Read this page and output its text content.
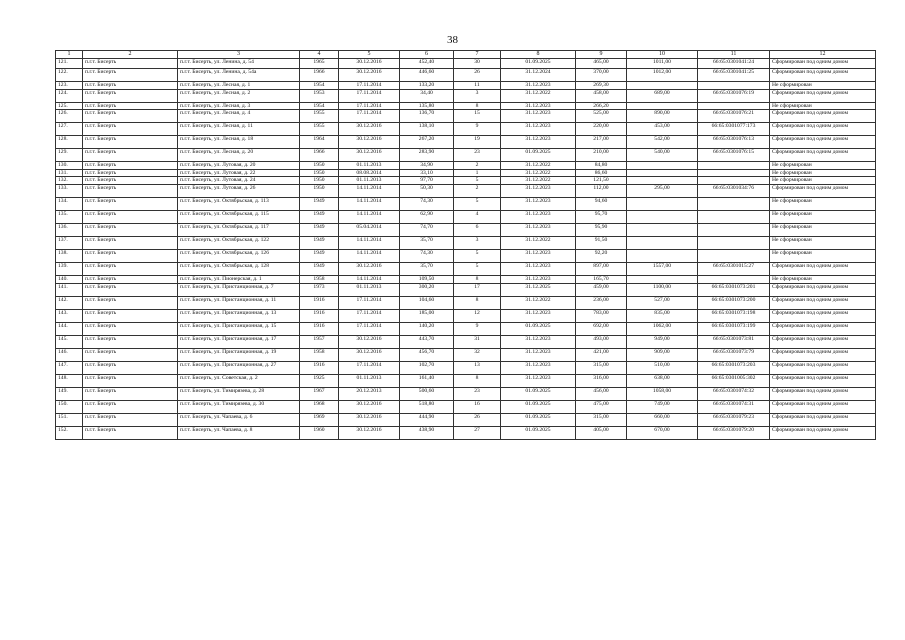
38
1	2	3	4	5	6	7	8	9	10	11	12
121.	п.г.т. Бисерть	п.г.т. Бисерть, ул. Ленина, д. 54	1965	30.12.2016	452,40	30	01.09.2025	465,00	1011,00	66:65:0301041:24	Сформирован под одним домом
122.	п.г.т. Бисерть	п.г.т. Бисерть, ул. Ленина, д. 54а	1966	30.12.2016	446,60	26	31.12.2024	370,00	1012,00	66:65:0301041:25	Сформирован под одним домом
123.	п.г.т. Бисерть	п.г.т. Бисерть, ул. Лесная, д. 1	1954	17.11.2014	133,20	11	31.12.2023	269,30			Не сформирован
124.	п.г.т. Бисерть	п.г.т. Бисерть, ул. Лесная, д. 2	1953	17.11.2014	34,40	3	31.12.2022	458,00	689,00	66:65:0301076:19	Сформирован под одним домом
125.	п.г.т. Бисерть	п.г.т. Бисерть, ул. Лесная, д. 3	1954	17.11.2014	135,80	8	31.12.2023	266,20			Не сформирован
126.	п.г.т. Бисерть	п.г.т. Бисерть, ул. Лесная, д. 4	1955	17.11.2014	136,70	15	31.12.2023	525,00	890,00	66:65:0301076:21	Сформирован под одним домом
127.	п.г.т. Бисерть	п.г.т. Бисерть, ул. Лесная, д. 11	1955	30.12.2016	138,10	9	31.12.2023	220,00	453,00	66:65:0301077:173	Сформирован под одним домом
128.	п.г.т. Бисерть	п.г.т. Бисерть, ул. Лесная, д. 18	1964	30.12.2016	267,20	19	31.12.2023	217,00	542,00	66:65:0301076:13	Сформирован под одним домом
129.	п.г.т. Бисерть	п.г.т. Бисерть, ул. Лесная, д. 20	1966	30.12.2016	283,90	23	01.09.2025	210,00	540,00	66:65:0301076:15	Сформирован под одним домом
130.	п.г.т. Бисерть	п.г.т. Бисерть, ул. Лутовая, д. 20	1950	01.11.2013	34,90	2	31.12.2022	84,80			Не сформирован
131.	п.г.т. Бисерть	п.г.т. Бисерть, ул. Лутовая, д. 22	1950	08.08.2014	33,10	1	31.12.2022	86,60			Не сформирован
132.	п.г.т. Бисерть	п.г.т. Бисерть, ул. Лутовая, д. 24	1950	01.11.2013	97,70	5	31.12.2022	121,50			Не сформирован
133.	п.г.т. Бисерть	п.г.т. Бисерть, ул. Лутовая, д. 26	1950	14.11.2014	50,30	2	31.12.2023	112,00	295,00	66:65:0301034:76	Сформирован под одним домом
134.	п.г.т. Бисерть	п.г.т. Бисерть, ул. Октябрьская, д. 113	1949	14.11.2014	74,30	5	31.12.2023	94,60			Не сформирован
135.	п.г.т. Бисерть	п.г.т. Бисерть, ул. Октябрьская, д. 115	1949	14.11.2014	62,90	4	31.12.2023	95,70			Не сформирован
136.	п.г.т. Бисерть	п.г.т. Бисерть, ул. Октябрьская, д. 117	1949	05.04.2014	74,70	6	31.12.2023	95,90			Не сформирован
137.	п.г.т. Бисерть	п.г.т. Бисерть, ул. Октябрьская, д. 122	1949	14.11.2014	35,70	3	31.12.2022	91,50			Не сформирован
138.	п.г.т. Бисерть	п.г.т. Бисерть, ул. Октябрьская, д. 126	1949	14.11.2014	74,30	5	31.12.2023	92,20			Не сформирован
139.	п.г.т. Бисерть	п.г.т. Бисерть, ул. Октябрьская, д. 128	1949	30.12.2016	35,70	5	31.12.2023	897,00	1557,00	66:65:0301015:27	Сформирован под одним домом
140.	п.г.т. Бисерть	п.г.т. Бисерть, ул. Пионерская, д. 1	1958	14.11.2014	109,50	8	31.12.2023	165,70			Не сформирован
141.	п.г.т. Бисерть	п.г.т. Бисерть, ул. Пристанционная, д. 7	1973	01.11.2013	300,20	17	31.12.2025	459,00	1100,00	66:65:0301073:201	Сформирован под одним домом
142.	п.г.т. Бисерть	п.г.т. Бисерть, ул. Пристанционная, д. 11	1916	17.11.2014	104,60	8	31.12.2022	236,00	527,00	66:65:0301073:200	Сформирован под одним домом
143.	п.г.т. Бисерть	п.г.т. Бисерть, ул. Пристанционная, д. 13	1916	17.11.2014	185,00	12	31.12.2023	783,00	835,00	66:65:0301073:198	Сформирован под одним домом
144.	п.г.т. Бисерть	п.г.т. Бисерть, ул. Пристанционная, д. 15	1916	17.11.2014	140,20	9	01.09.2025	692,00	1062,00	66:65:0301073:199	Сформирован под одним домом
145.	п.г.т. Бисерть	п.г.т. Бисерть, ул. Пристанционная, д. 17	1957	30.12.2016	443,70	31	31.12.2023	493,00	949,00	66:65:0301073:81	Сформирован под одним домом
146.	п.г.т. Бисерть	п.г.т. Бисерть, ул. Пристанционная, д. 19	1958	30.12.2016	456,70	32	31.12.2023	421,00	909,00	66:65:0301073:79	Сформирован под одним домом
147.	п.г.т. Бисерть	п.г.т. Бисерть, ул. Пристанционная, д. 27	1916	17.11.2014	102,70	13	31.12.2023	315,00	510,00	66:65:0301073:203	Сформирован под одним домом
148.	п.г.т. Бисерть	п.г.т. Бисерть, ул. Советская, д. 2	1925	01.11.2013	161,40	8	31.12.2023	316,00	638,00	66:65:0301005:302	Сформирован под одним домом
149.	п.г.т. Бисерть	п.г.т. Бисерть, ул. Тимирязева, д. 28	1967	20.12.2013	500,60	23	01.09.2025	456,00	1058,00	66:65:0301074:32	Сформирован под одним домом
150.	п.г.т. Бисерть	п.г.т. Бисерть, ул. Тимирязева, д. 30	1968	30.12.2016	518,80	16	01.09.2025	475,00	749,00	66:65:0301074:31	Сформирован под одним домом
151.	п.г.т. Бисерть	п.г.т. Бисерть, ул. Чапаева, д. 6	1969	30.12.2016	444,90	26	01.09.2025	315,00	660,00	66:65:0301079:23	Сформирован под одним домом
152.	п.г.т. Бисерть	п.г.т. Бисерть, ул. Чапаева, д. 8	1960	30.12.2016	438,90	27	01.09.2025	405,00	670,00	66:65:0301079:20	Сформирован под одним домом
